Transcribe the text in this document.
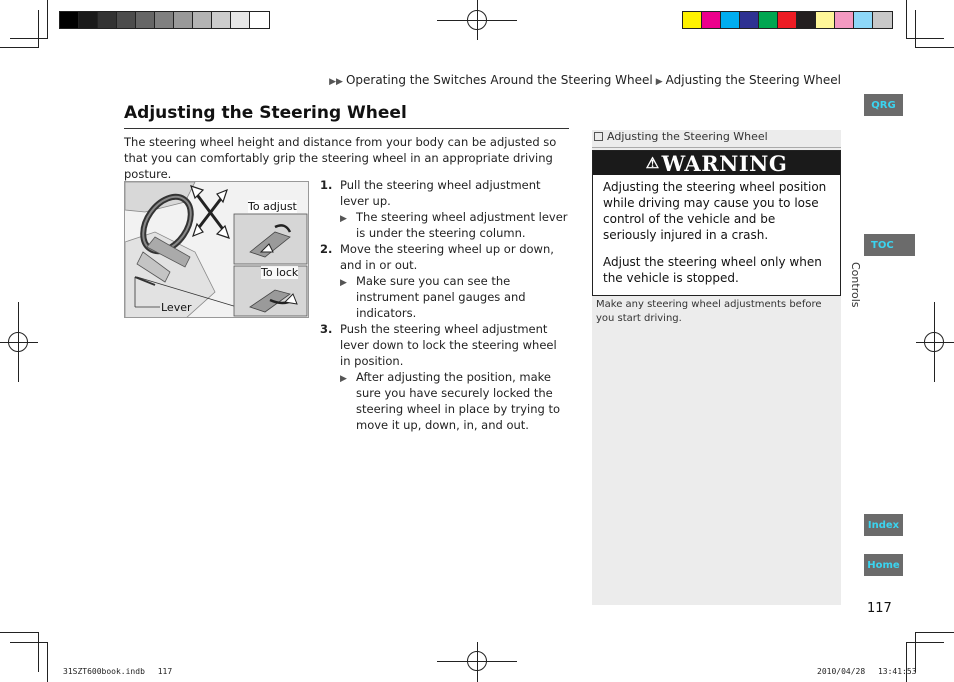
▶▶ Operating the Switches Around the Steering Wheel ▶ Adjusting the Steering Wheel
QRG
TOC
Controls
Index
Home
117
Adjusting the Steering Wheel
The steering wheel height and distance from your body can be adjusted so that you can comfortably grip the steering wheel in an appropriate driving posture.
To adjust
To lock
Lever
1. Pull the steering wheel adjustment lever up.
▶ The steering wheel adjustment lever is under the steering column.
2. Move the steering wheel up or down, and in or out.
▶ Make sure you can see the instrument panel gauges and indicators.
3. Push the steering wheel adjustment lever down to lock the steering wheel in position.
▶ After adjusting the position, make sure you have securely locked the steering wheel in place by trying to move it up, down, in, and out.
Adjusting the Steering Wheel
⚠ WARNING

Adjusting the steering wheel position while driving may cause you to lose control of the vehicle and be seriously injured in a crash.

Adjust the steering wheel only when the vehicle is stopped.

Make any steering wheel adjustments before you start driving.
31SZT600book.indb　 117	2010/04/28　 13:41:53
